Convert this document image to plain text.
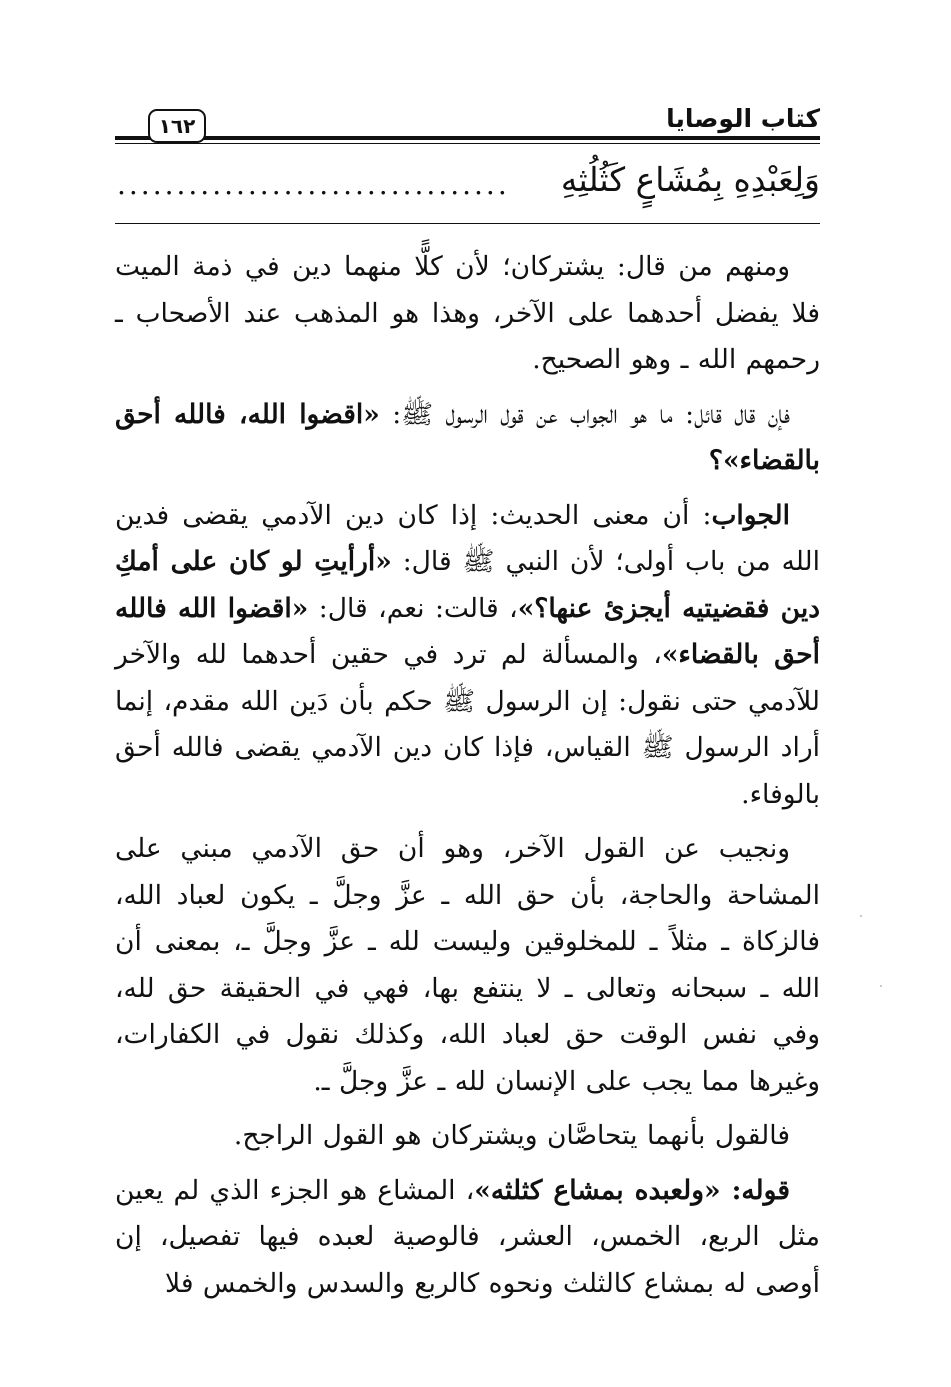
كتاب الوصايا
١٦٢
وَلِعَبْدِهِ بِمُشَاعٍ كَثُلُثِهِ
.................................

ومنهم من قال: يشتركان؛ لأن كلًّا منهما دين في ذمة الميت فلا يفضل أحدهما على الآخر، وهذا هو المذهب عند الأصحاب ـ رحمهم الله ـ وهو الصحيح.

فإن قال قائل: ما هو الجواب عن قول الرسول ﷺ: «اقضوا الله، فالله أحق بالقضاء»؟

الجواب: أن معنى الحديث: إذا كان دين الآدمي يقضى فدين الله من باب أولى؛ لأن النبي ﷺ قال: «أرأيتِ لو كان على أمكِ دين فقضيتيه أيجزئ عنها؟»، قالت: نعم، قال: «اقضوا الله فالله أحق بالقضاء»، والمسألة لم ترد في حقين أحدهما لله والآخر للآدمي حتى نقول: إن الرسول ﷺ حكم بأن دَين الله مقدم، إنما أراد الرسول ﷺ القياس، فإذا كان دين الآدمي يقضى فالله أحق بالوفاء.

ونجيب عن القول الآخر، وهو أن حق الآدمي مبني على المشاحة والحاجة، بأن حق الله ـ عزَّ وجلَّ ـ يكون لعباد الله، فالزكاة ـ مثلاً ـ للمخلوقين وليست لله ـ عزَّ وجلَّ ـ، بمعنى أن الله ـ سبحانه وتعالى ـ لا ينتفع بها، فهي في الحقيقة حق لله، وفي نفس الوقت حق لعباد الله، وكذلك نقول في الكفارات، وغيرها مما يجب على الإنسان لله ـ عزَّ وجلَّ ـ.

فالقول بأنهما يتحاصَّان ويشتركان هو القول الراجح.

قوله: «ولعبده بمشاع كثلثه»، المشاع هو الجزء الذي لم يعين مثل الربع، الخمس، العشر، فالوصية لعبده فيها تفصيل، إن أوصى له بمشاع كالثلث ونحوه كالربع والسدس والخمس فلا
